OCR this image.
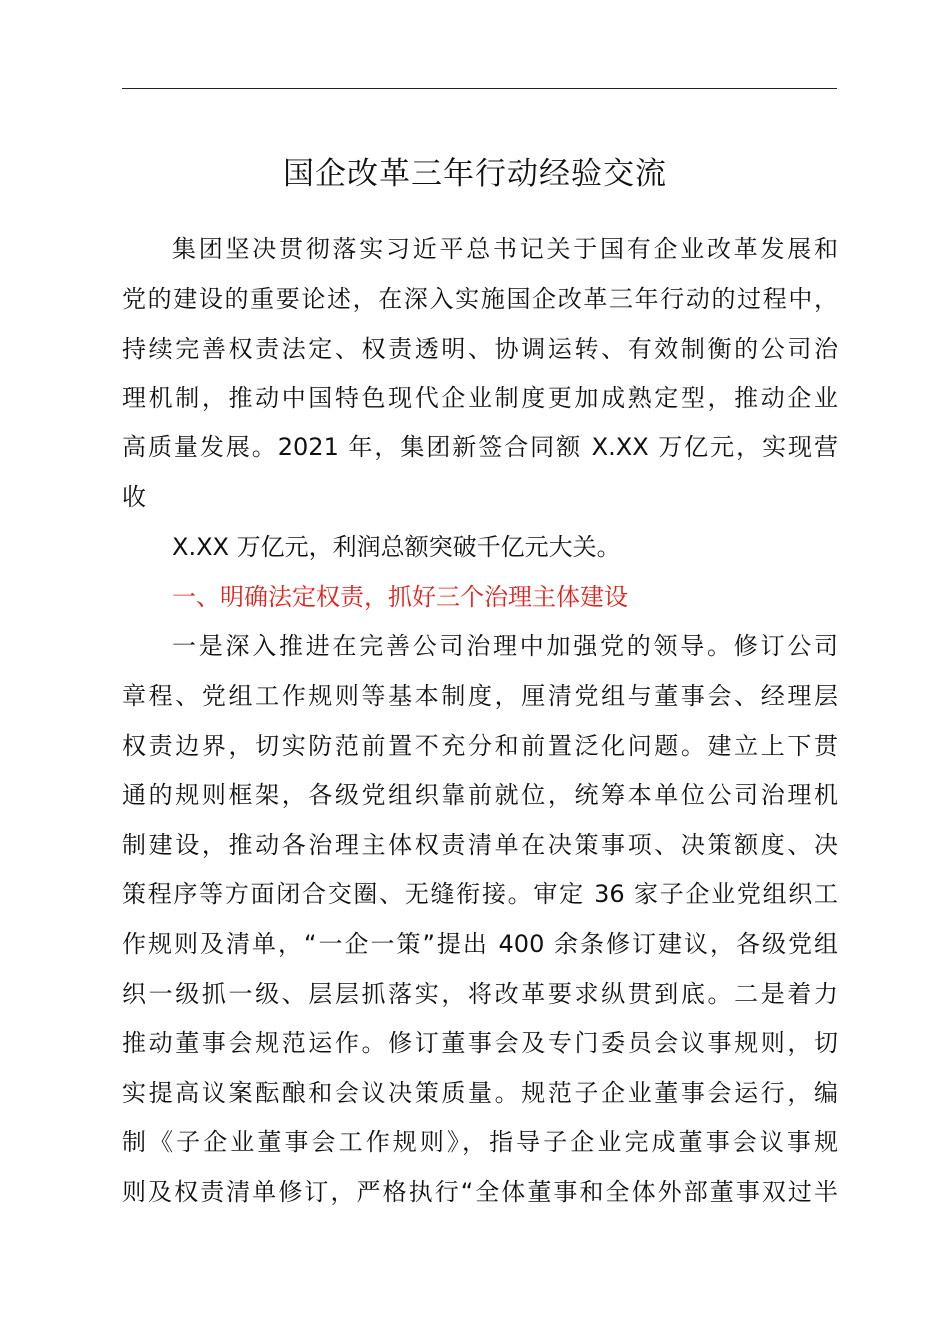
国企改革三年行动经验交流

集团坚决贯彻落实习近平总书记关于国有企业改革发展和

党的建设的重要论述，在深入实施国企改革三年行动的过程中，

持续完善权责法定、权责透明、协调运转、有效制衡的公司治

理机制，推动中国特色现代企业制度更加成熟定型，推动企业

高质量发展。2021 年，集团新签合同额 X.XX 万亿元，实现营

收

X.XX 万亿元，利润总额突破千亿元大关。

一、明确法定权责，抓好三个治理主体建设

一是深入推进在完善公司治理中加强党的领导。修订公司

章程、党组工作规则等基本制度，厘清党组与董事会、经理层

权责边界，切实防范前置不充分和前置泛化问题。建立上下贯

通的规则框架，各级党组织靠前就位，统筹本单位公司治理机

制建设，推动各治理主体权责清单在决策事项、决策额度、决

策程序等方面闭合交圈、无缝衔接。审定 36 家子企业党组织工

作规则及清单，“一企一策”提出 400 余条修订建议，各级党组

织一级抓一级、层层抓落实，将改革要求纵贯到底。二是着力

推动董事会规范运作。修订董事会及专门委员会议事规则，切

实提高议案酝酿和会议决策质量。规范子企业董事会运行，编

制《子企业董事会工作规则》，指导子企业完成董事会议事规

则及权责清单修订，严格执行“全体董事和全体外部董事双过半
